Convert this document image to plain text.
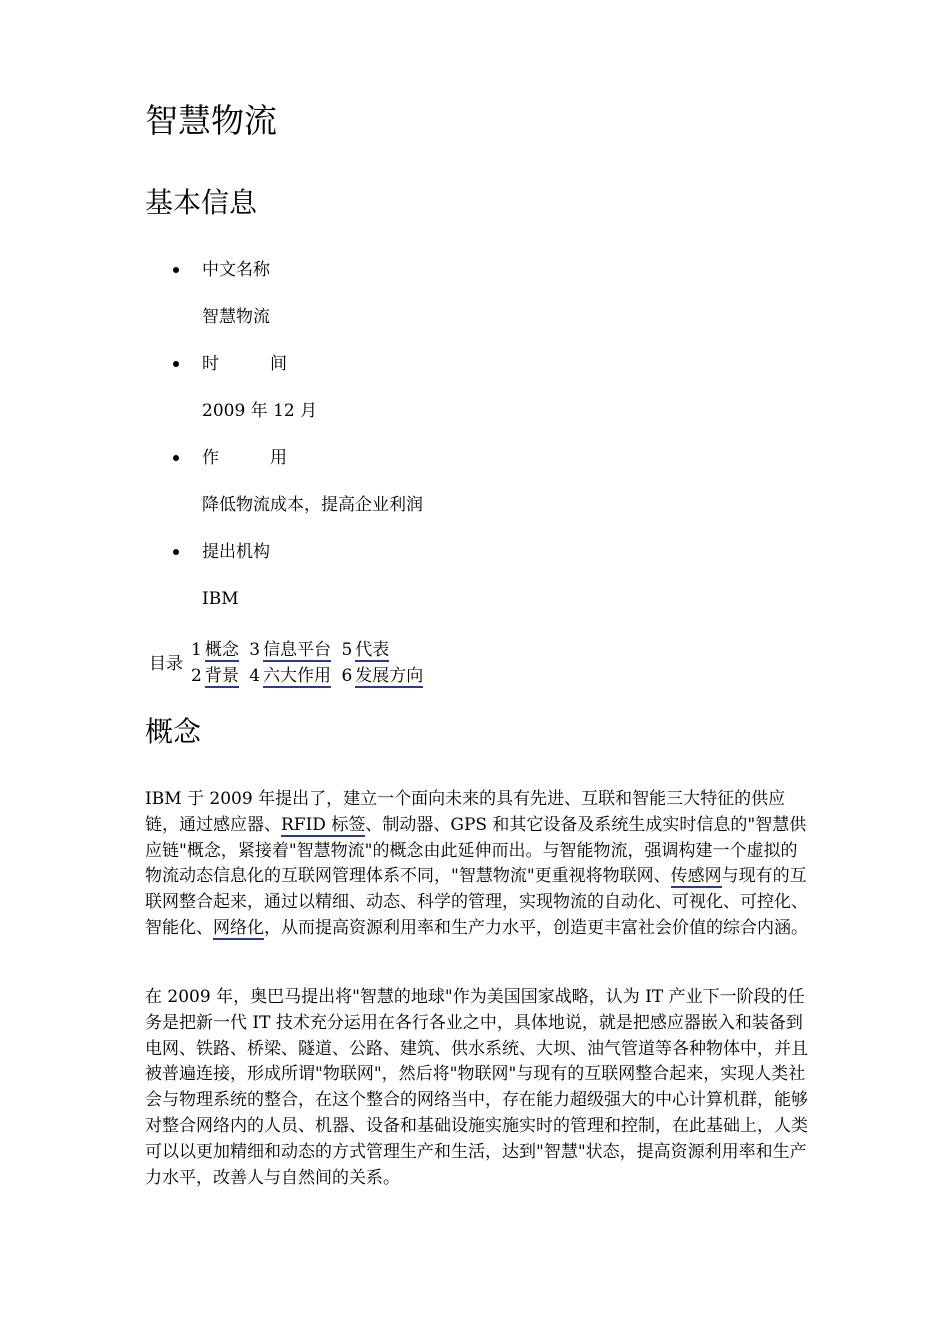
智慧物流
基本信息
中文名称
智慧物流
时　　　间
2009 年 12 月
作　　　用
降低物流成本，提高企业利润
提出机构
IBM
目录
1 概念 3 信息平台 5 代表
2 背景 4 六大作用 6 发展方向
概念

IBM 于 2009 年提出了，建立一个面向未来的具有先进、互联和智能三大特征的供应链，通过感应器、RFID 标签、制动器、GPS 和其它设备及系统生成实时信息的"智慧供应链"概念，紧接着"智慧物流"的概念由此延伸而出。与智能物流，强调构建一个虚拟的物流动态信息化的互联网管理体系不同，"智慧物流"更重视将物联网、传感网与现有的互联网整合起来，通过以精细、动态、科学的管理，实现物流的自动化、可视化、可控化、智能化、网络化，从而提高资源利用率和生产力水平，创造更丰富社会价值的综合内涵。

在 2009 年，奥巴马提出将"智慧的地球"作为美国国家战略，认为 IT 产业下一阶段的任务是把新一代 IT 技术充分运用在各行各业之中，具体地说，就是把感应器嵌入和装备到电网、铁路、桥梁、隧道、公路、建筑、供水系统、大坝、油气管道等各种物体中，并且被普遍连接，形成所谓"物联网"，然后将"物联网"与现有的互联网整合起来，实现人类社会与物理系统的整合，在这个整合的网络当中，存在能力超级强大的中心计算机群，能够对整合网络内的人员、机器、设备和基础设施实施实时的管理和控制，在此基础上，人类可以以更加精细和动态的方式管理生产和生活，达到"智慧"状态，提高资源利用率和生产力水平，改善人与自然间的关系。
